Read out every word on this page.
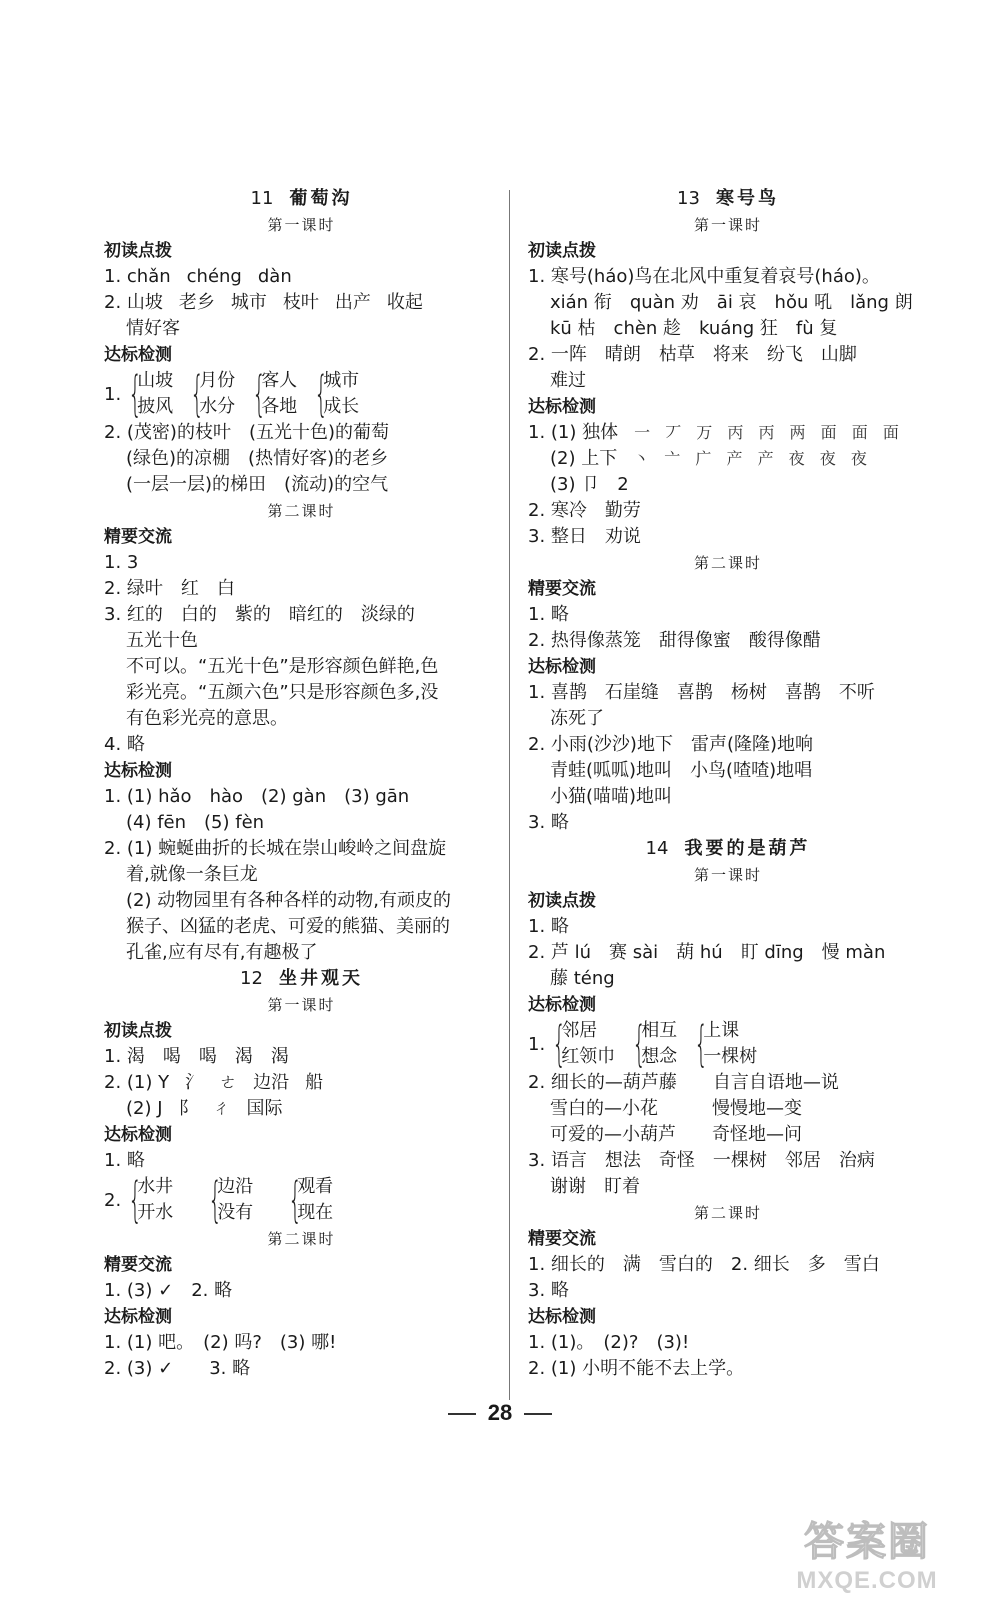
11 葡萄沟
第一课时
初读点拨
1. chǎn chéng dàn
2. 山坡 老乡 城市 枝叶 出产 收起
情好客
达标检测
1. {
山坡
披风 {
月份
水分 {
客人
各地 {
城市
成长
2. (茂密)的枝叶　(五光十色)的葡萄
(绿色)的凉棚　(热情好客)的老乡
(一层一层)的梯田　(流动)的空气
第二课时
精要交流
1. 3
2. 绿叶　红　白
3. 红的　白的　紫的　暗红的　淡绿的
五光十色
不可以。“五光十色”是形容颜色鲜艳,色
彩光亮。“五颜六色”只是形容颜色多,没
有色彩光亮的意思。
4. 略
达标检测
1. (1) hǎo　hào　(2) gàn　(3) gān
(4) fēn　(5) fèn
2. (1) 蜿蜒曲折的长城在崇山峻岭之间盘旋
着,就像一条巨龙
(2) 动物园里有各种各样的动物,有顽皮的
猴子、凶猛的老虎、可爱的熊猫、美丽的
孔雀,应有尽有,有趣极了
12 坐井观天
第一课时
初读点拨
1. 渴　喝　喝　渴　渴
2. (1) Y 氵 ㄜ 边沿 船
(2) J 阝 ㄔ 国际
达标检测
1. 略
2. {
水井
开水 {
边沿
没有 {
观看
现在
第二课时
精要交流
1. (3) ✓　2. 略
达标检测
1. (1) 吧。　(2) 吗?　(3) 哪!
2. (3) ✓　　3. 略
13 寒号鸟
第一课时
初读点拨
1. 寒号(háo)鸟在北风中重复着哀号(háo)。
xián 衔　quàn 劝　āi 哀　hǒu 吼　lǎng 朗
kū 枯　chèn 趁　kuáng 狂　fù 复
2. 一阵　晴朗　枯草　将来　纷飞　山脚
难过
达标检测
1. (1) 独体 一 丆 万 丙 丙 两 面 面 面
(2) 上下 丶 亠 广 产 产 夜 夜 夜
(3) 卩　2
2. 寒冷　勤劳
3. 整日　劝说
第二课时
精要交流
1. 略
2. 热得像蒸笼　甜得像蜜　酸得像醋
达标检测
1. 喜鹊　石崖缝　喜鹊　杨树　喜鹊　不听
冻死了
2. 小雨(沙沙)地下　雷声(隆隆)地响
青蛙(呱呱)地叫　小鸟(喳喳)地唱
小猫(喵喵)地叫
3. 略
14 我要的是葫芦
第一课时
初读点拨
1. 略
2. 芦 lú　赛 sài　葫 hú　盯 dīng　慢 màn
藤 téng
达标检测
1. {
邻居
红领巾 {
相互
想念 {
上课
一棵树
2. 细长的—葫芦藤　　自言自语地—说
雪白的—小花　　　慢慢地—变
可爱的—小葫芦　　奇怪地—问
3. 语言　想法　奇怪　一棵树　邻居　治病
谢谢　盯着
第二课时
精要交流
1. 细长的　满　雪白的　2. 细长　多　雪白
3. 略
达标检测
1. (1)。　(2)?　(3)!
2. (1) 小明不能不去上学。
28
答案圈
MXQE.COM
